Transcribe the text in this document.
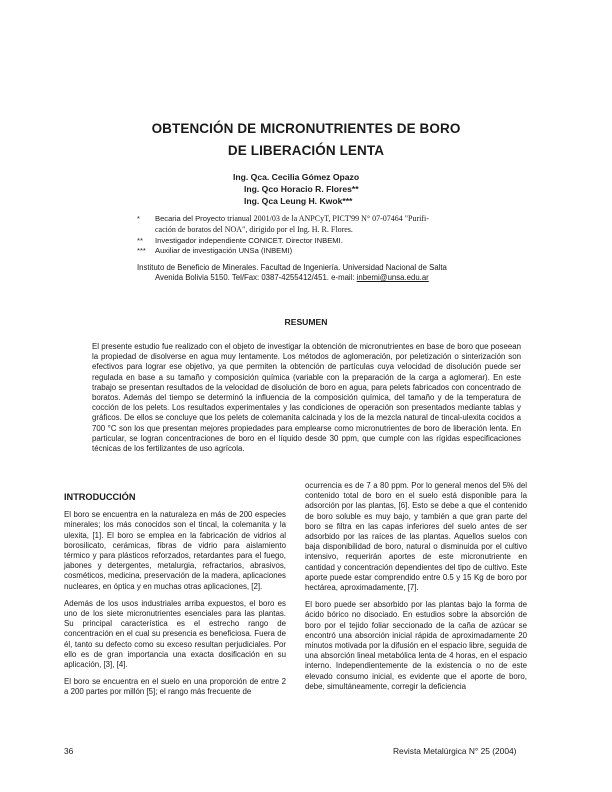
OBTENCIÓN DE MICRONUTRIENTES DE BORO
DE LIBERACIÓN LENTA
Ing. Qca. Cecilia Gómez Opazo
Ing. Qco Horacio R. Flores**
Ing. Qca Leung H. Kwok***
* Becaria del Proyecto trianual 2001/03 de la ANPCyT, PICT'99 N° 07-07464 "Purifi-
cación de boratos del NOA", dirigido por el Ing. H. R. Flores.
** Investigador independiente CONICET. Director INBEMI.
*** Auxiliar de investigación UNSa (INBEMI)
Instituto de Beneficio de Minerales. Facultad de Ingeniería. Universidad Nacional de Salta
Avenida Bolivia 5150. Tel/Fax: 0387-4255412/451. e-mail: inbemi@unsa.edu.ar
RESUMEN
El presente estudio fue realizado con el objeto de investigar la obtención de micronutrientes en base de boro que poseean la propiedad de disolverse en agua muy lentamente. Los métodos de aglomeración, por peletización o sinterización son efectivos para lograr ese objetivo, ya que permiten la obtención de partículas cuya velocidad de disolución puede ser regulada en base a su tamaño y composición química (variable con la preparación de la carga a aglomerar). En este trabajo se presentan resultados de la velocidad de disolución de boro en agua, para pelets fabricados con concentrado de boratos. Además del tiempo se determinó la influencia de la composición química, del tamaño y de la temperatura de cocción de los pelets. Los resultados experimentales y las condiciones de operación son presentados mediante tablas y gráficos. De ellos se concluye que los pelets de colemanita calcinada y los de la mezcla natural de tincal-ulexita cocidos a 700 °C son los que presentan mejores propiedades para emplearse como micronutrientes de boro de liberación lenta. En particular, se logran concentraciones de boro en el líquido desde 30 ppm, que cumple con las rígidas especificaciones técnicas de los fertilizantes de uso agrícola.
INTRODUCCIÓN

El boro se encuentra en la naturaleza en más de 200 especies minerales; los más conocidos son el tincal, la colemanita y la ulexita, [1]. El boro se emplea en la fabricación de vidrios al borosilicato, cerámicas, fibras de vidrio para aislamiento térmico y para plásticos reforzados, retardantes para el fuego, jabones y detergentes, metalurgia, refractarios, abrasivos, cosméticos, medicina, preservación de la madera, aplicaciones nucleares, en óptica y en muchas otras aplicaciones, [2].

Además de los usos industriales arriba expuestos, el boro es uno de los siete micronutrientes esenciales para las plantas. Su principal característica es el estrecho rango de concentración en el cual su presencia es beneficiosa. Fuera de él, tanto su defecto como su exceso resultan perjudiciales. Por ello es de gran importancia una exacta dosificación en su aplicación, [3], [4].

El boro se encuentra en el suelo en una proporción de entre 2 a 200 partes por millón [5]; el rango más frecuente de

ocurrencia es de 7 a 80 ppm. Por lo general menos del 5% del contenido total de boro en el suelo está disponible para la adsorción por las plantas, [6]. Esto se debe a que el contenido de boro soluble es muy bajo, y también a que gran parte del boro se filtra en las capas inferiores del suelo antes de ser adsorbido por las raíces de las plantas. Aquellos suelos con baja disponibilidad de boro, natural o disminuida por el cultivo intensivo, requerirán aportes de este micronutriente en cantidad y concentración dependientes del tipo de cultivo. Este aporte puede estar comprendido entre 0.5 y 15 Kg de boro por hectárea, aproximadamente, [7].

El boro puede ser absorbido por las plantas bajo la forma de ácido bórico no disociado. En estudios sobre la absorción de boro por el tejido foliar seccionado de la caña de azúcar se encontró una absorción inicial rápida de aproximadamente 20 minutos motivada por la difusión en el espacio libre, seguida de una absorción lineal metabólica lenta de 4 horas, en el espacio interno. Independientemente de la existencia o no de este elevado consumo inicial, es evidente que el aporte de boro, debe, simultáneamente, corregir la deficiencia

36	Revista Metalúrgica N° 25 (2004)
